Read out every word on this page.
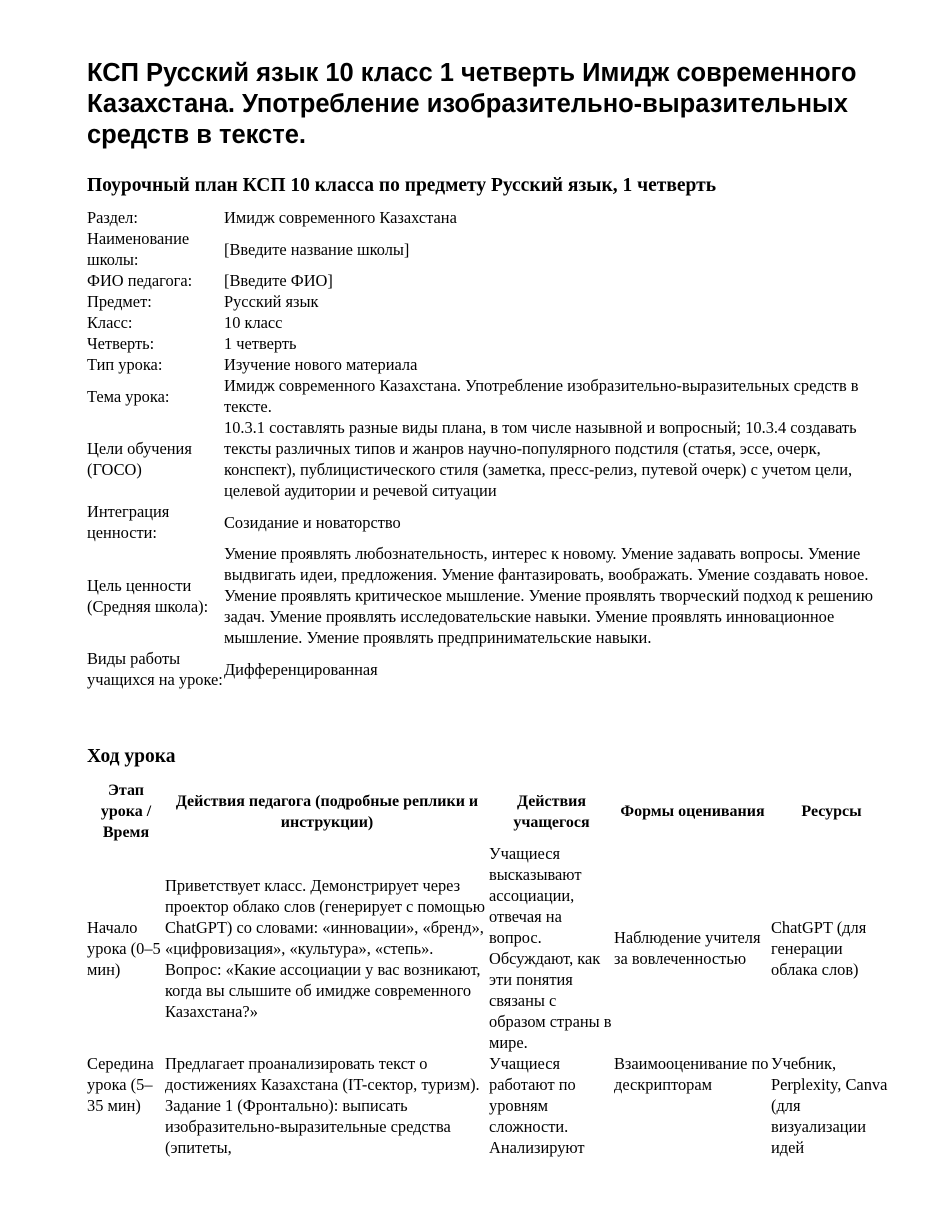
КСП Русский язык 10 класс 1 четверть Имидж современного Казахстана. Употребление изобразительно-выразительных средств в тексте.
Поурочный план КСП 10 класса по предмету Русский язык, 1 четверть
Раздел:	Имидж современного Казахстана
Наименование школы:	[Введите название школы]
ФИО педагога:	[Введите ФИО]
Предмет:	Русский язык
Класс:	10 класс
Четверть:	1 четверть
Тип урока:	Изучение нового материала
Тема урока:	Имидж современного Казахстана. Употребление изобразительно-выразительных средств в тексте.
Цели обучения (ГОСО)	10.3.1 составлять разные виды плана, в том числе назывной и вопросный; 10.3.4 создавать тексты различных типов и жанров научно-популярного подстиля (статья, эссе, очерк, конспект), публицистического стиля (заметка, пресс-релиз, путевой очерк) с учетом цели, целевой аудитории и речевой ситуации
Интеграция ценности:	Созидание и новаторство
Цель ценности (Средняя школа):	Умение проявлять любознательность, интерес к новому. Умение задавать вопросы. Умение выдвигать идеи, предложения. Умение фантазировать, воображать. Умение создавать новое. Умение проявлять критическое мышление. Умение проявлять творческий подход к решению задач. Умение проявлять исследовательские навыки. Умение проявлять инновационное мышление. Умение проявлять предпринимательские навыки.
Виды работы учащихся на уроке:	Дифференцированная
Ход урока
Этап урока / Время	Действия педагога (подробные реплики и инструкции)	Действия учащегося	Формы оценивания	Ресурсы
Начало урока (0–5 мин)	Приветствует класс. Демонстрирует через проектор облако слов (генерирует с помощью ChatGPT) со словами: «инновации», «бренд», «цифровизация», «культура», «степь». Вопрос: «Какие ассоциации у вас возникают, когда вы слышите об имидже современного Казахстана?»	Учащиеся высказывают ассоциации, отвечая на вопрос. Обсуждают, как эти понятия связаны с образом страны в мире.	Наблюдение учителя за вовлеченностью	ChatGPT (для генерации облака слов)
Середина урока (5–35 мин)	Предлагает проанализировать текст о достижениях Казахстана (IT-сектор, туризм). Задание 1 (Фронтально): выписать изобразительно-выразительные средства (эпитеты,	Учащиеся работают по уровням сложности. Анализируют	Взаимооценивание по дескрипторам	Учебник, Perplexity, Canva (для визуализации идей
